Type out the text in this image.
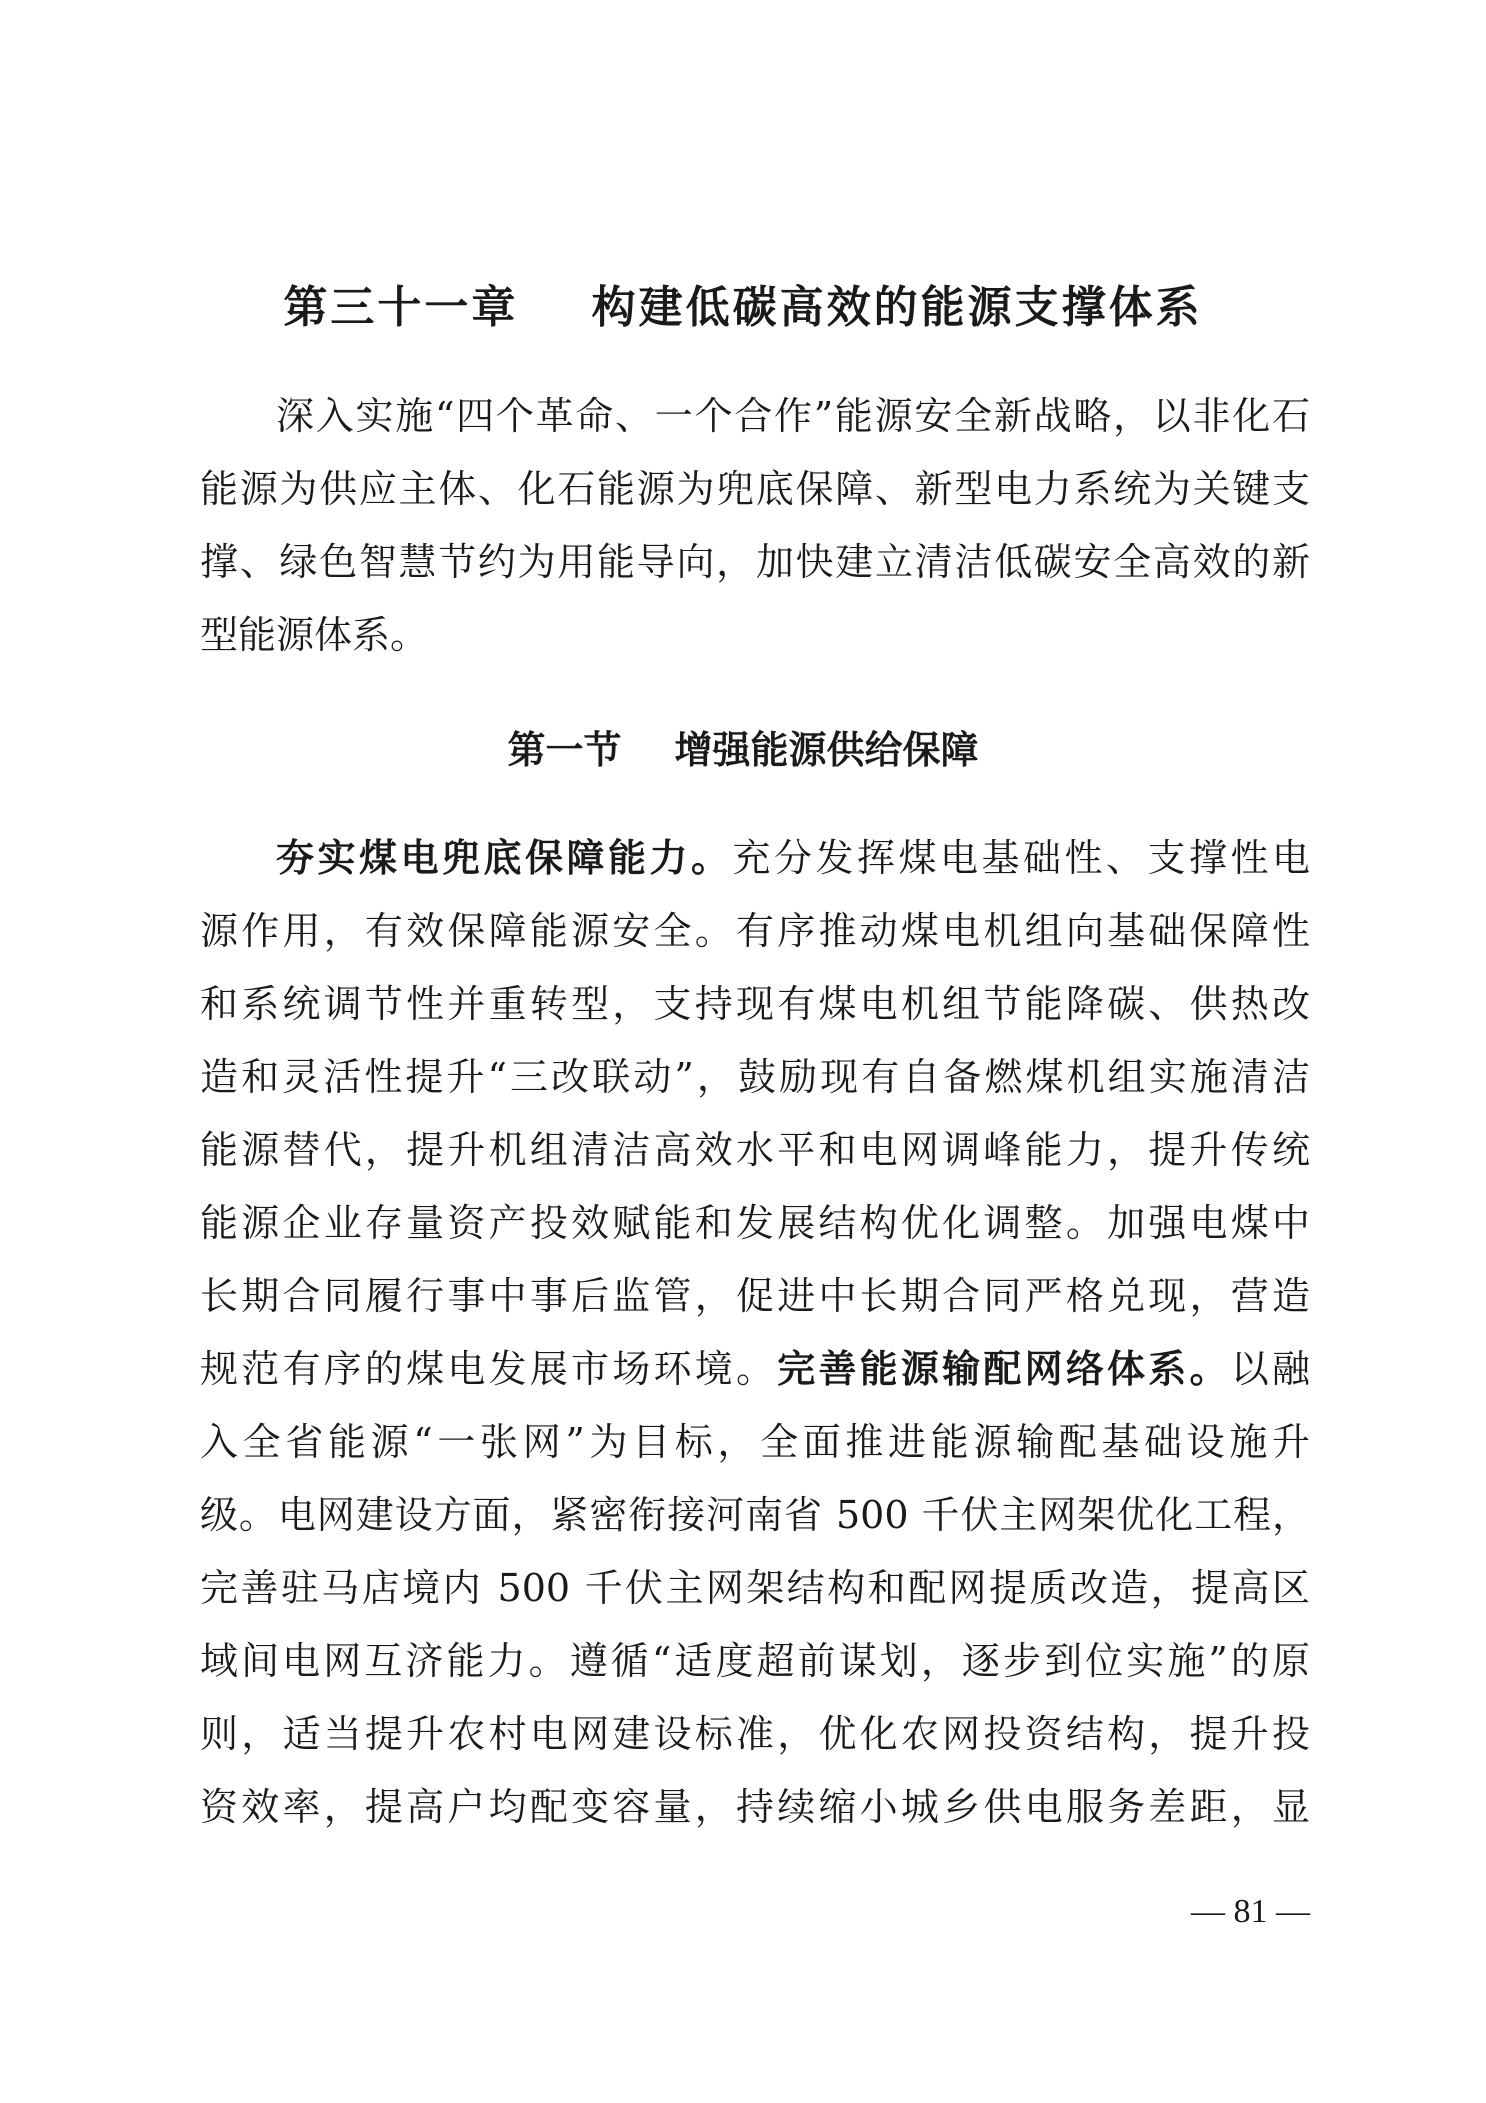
第三十一章    构建低碳高效的能源支撑体系
深入实施“四个革命、一个合作”能源安全新战略，以非化石
能源为供应主体、化石能源为兜底保障、新型电力系统为关键支
撑、绿色智慧节约为用能导向，加快建立清洁低碳安全高效的新
型能源体系。
第一节    增强能源供给保障
夯实煤电兜底保障能力。充分发挥煤电基础性、支撑性电
源作用，有效保障能源安全。有序推动煤电机组向基础保障性
和系统调节性并重转型，支持现有煤电机组节能降碳、供热改
造和灵活性提升“三改联动”，鼓励现有自备燃煤机组实施清洁
能源替代，提升机组清洁高效水平和电网调峰能力，提升传统
能源企业存量资产投效赋能和发展结构优化调整。加强电煤中
长期合同履行事中事后监管，促进中长期合同严格兑现，营造
规范有序的煤电发展市场环境。完善能源输配网络体系。以融
入全省能源“一张网”为目标，全面推进能源输配基础设施升
级。电网建设方面，紧密衔接河南省 500 千伏主网架优化工程，
完善驻马店境内 500 千伏主网架结构和配网提质改造，提高区
域间电网互济能力。遵循“适度超前谋划，逐步到位实施”的原
则，适当提升农村电网建设标准，优化农网投资结构，提升投
资效率，提高户均配变容量，持续缩小城乡供电服务差距，显
— 81 —
